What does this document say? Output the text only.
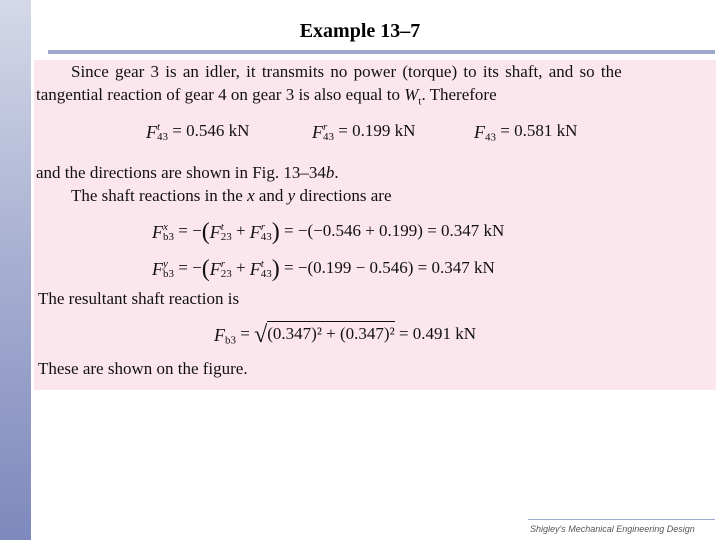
Example 13–7
Since gear 3 is an idler, it transmits no power (torque) to its shaft, and so the
tangential reaction of gear 4 on gear 3 is also equal to $W_t$. Therefore
F t
43 = 0.546 kN	F r
43 = 0.199 kN	$F_{43} = 0.581$ kN
and the directions are shown in Fig. 13–34b.
The shaft reactions in the x and y directions are
F x
b3 = −(F t
23 + F r
43 ) = −(−0.546 + 0.199) = 0.347 kN
F y
b3 = −(F r
23 + F t
43 ) = −(0.199 − 0.546) = 0.347 kN
The resultant shaft reaction is
$F_{b3} = √(0.347)^2 + (0.347)^2 = 0.491$ kN
These are shown on the figure.
Shigley's Mechanical Engineering Design
